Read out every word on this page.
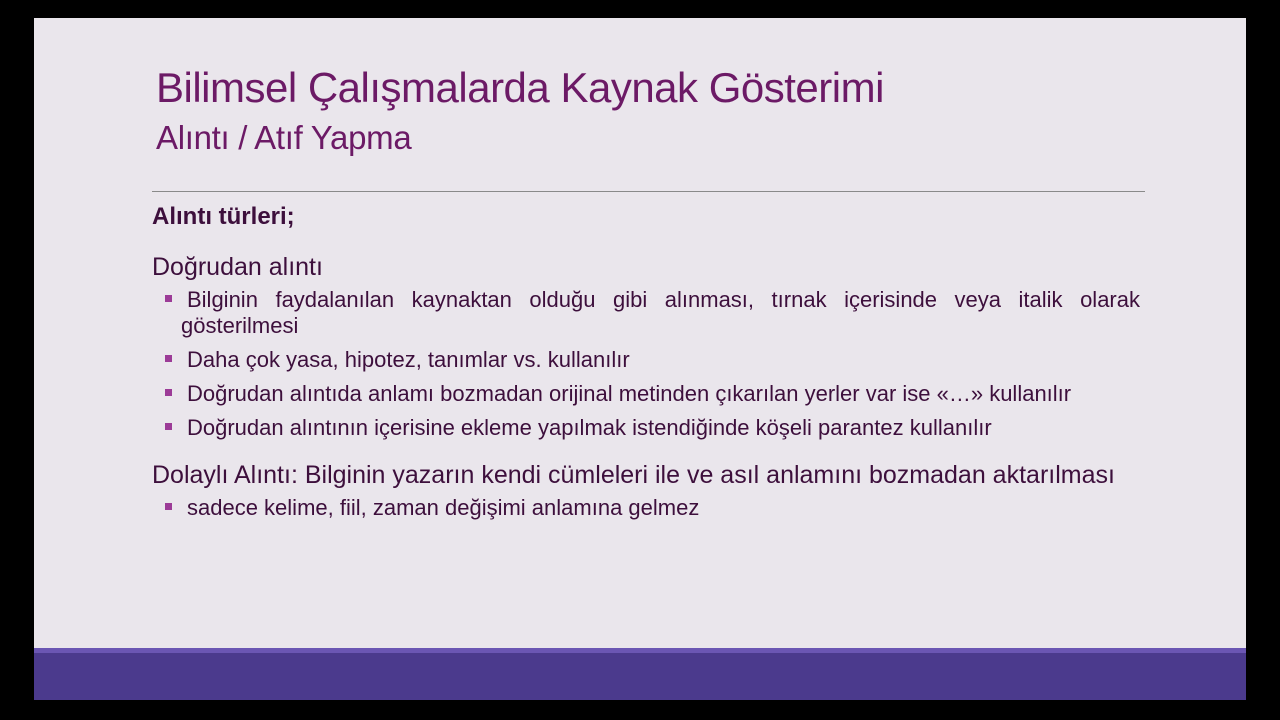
Bilimsel Çalışmalarda Kaynak Gösterimi
Alıntı / Atıf Yapma

Alıntı türleri;

Doğrudan alıntı

Bilginin faydalanılan kaynaktan olduğu gibi alınması, tırnak içerisinde veya italik olarak gösterilmesi
Daha çok yasa, hipotez, tanımlar vs. kullanılır
Doğrudan alıntıda anlamı bozmadan orijinal metinden çıkarılan yerler var ise «…» kullanılır
Doğrudan alıntının içerisine ekleme yapılmak istendiğinde köşeli parantez kullanılır

Dolaylı Alıntı: Bilginin yazarın kendi cümleleri ile ve asıl anlamını bozmadan aktarılması

sadece kelime, fiil, zaman değişimi anlamına gelmez
